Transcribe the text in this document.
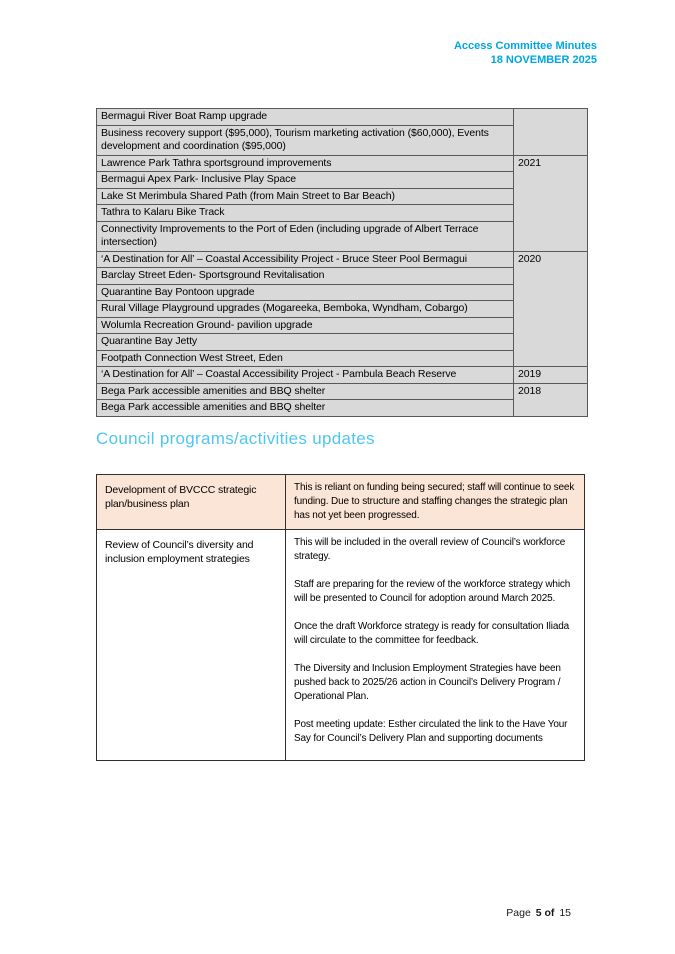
Access Committee Minutes
18 NOVEMBER 2025
Bermagui River Boat Ramp upgrade	
Business recovery support ($95,000), Tourism marketing activation ($60,000), Events development and coordination ($95,000)	
Lawrence Park Tathra sportsground improvements	2021
Bermagui Apex Park- Inclusive Play Space	
Lake St Merimbula Shared Path (from Main Street to Bar Beach)	
Tathra to Kalaru Bike Track	
Connectivity Improvements to the Port of Eden (including upgrade of Albert Terrace intersection)	
‘A Destination for All’ – Coastal Accessibility Project - Bruce Steer Pool Bermagui	2020
Barclay Street Eden- Sportsground Revitalisation	
Quarantine Bay Pontoon upgrade	
Rural Village Playground upgrades (Mogareeka, Bemboka, Wyndham, Cobargo)	
Wolumla Recreation Ground- pavilion upgrade	
Quarantine Bay Jetty	
Footpath Connection West Street, Eden	
‘A Destination for All’ – Coastal Accessibility Project - Pambula Beach Reserve	2019
Bega Park accessible amenities and BBQ shelter	2018
Bega Park accessible amenities and BBQ shelter	
Council programs/activities updates
Development of BVCCC strategic plan/business plan	This is reliant on funding being secured; staff will continue to seek funding. Due to structure and staffing changes the strategic plan has not yet been progressed.

Review of Council’s diversity and inclusion employment strategies	This will be included in the overall review of Council’s workforce strategy.

Staff are preparing for the review of the workforce strategy which will be presented to Council for adoption around March 2025.

Once the draft Workforce strategy is ready for consultation Iliada will circulate to the committee for feedback.

The Diversity and Inclusion Employment Strategies have been pushed back to 2025/26 action in Council’s Delivery Program / Operational Plan.

Post meeting update: Esther circulated the link to the Have Your Say for Council’s Delivery Plan and supporting documents

Page 5 of 15
